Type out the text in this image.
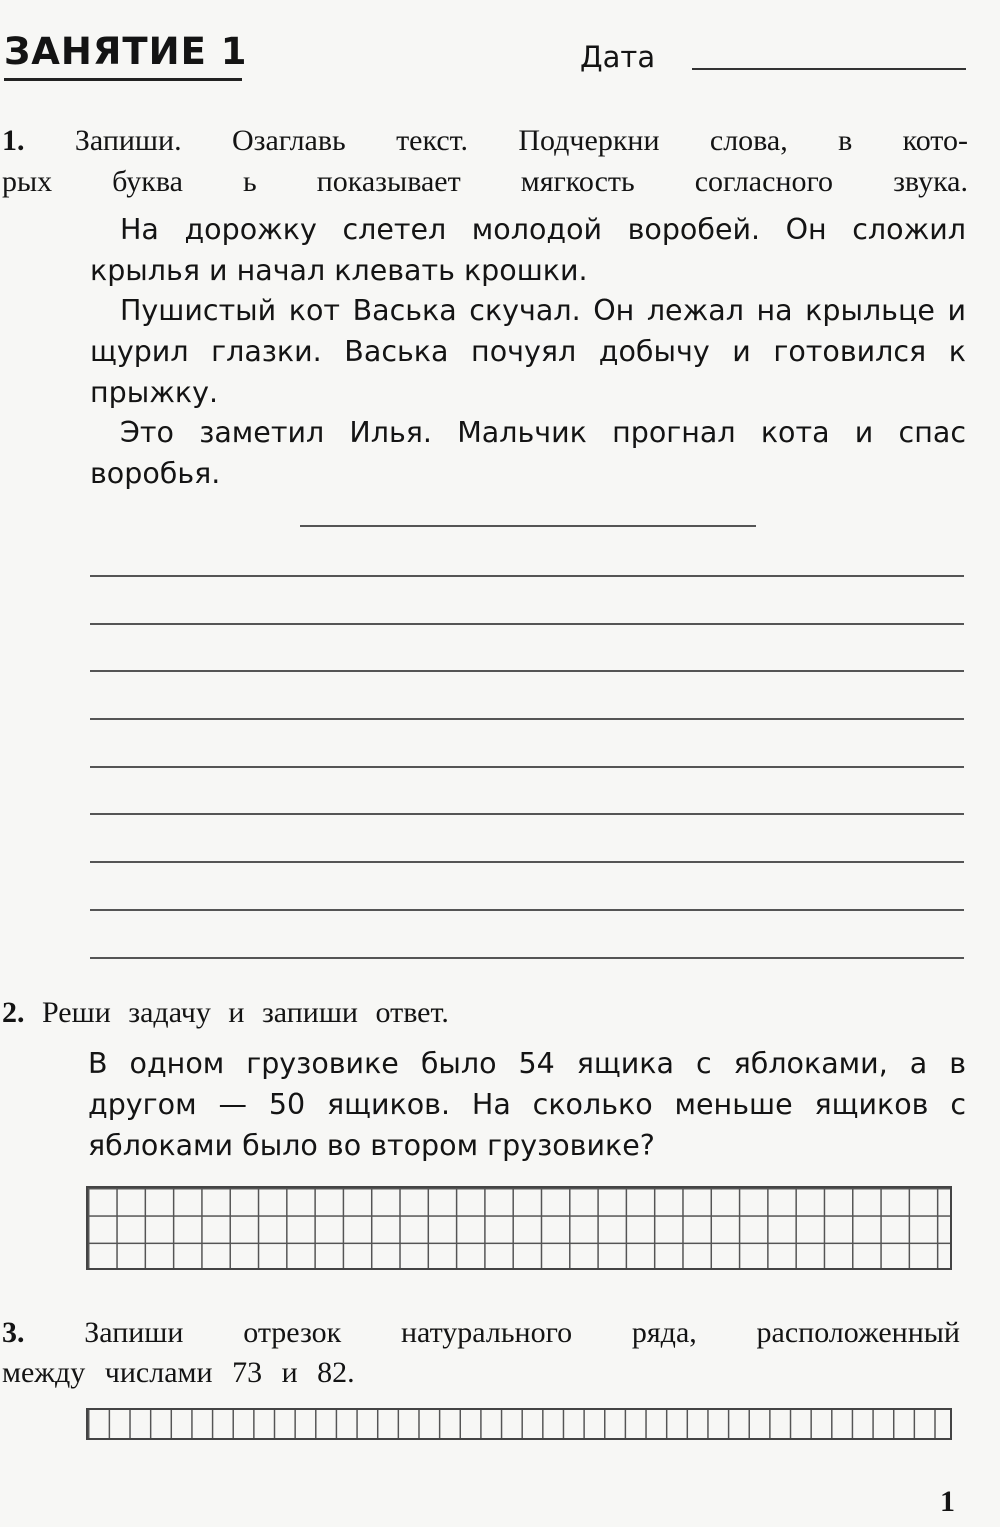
ЗАНЯТИЕ 1	Дата
1. Запиши. Озаглавь текст. Подчеркни слова, в кото-
рых буква ь показывает мягкость согласного звука.
На дорожку слетел молодой воробей. Он сложил крылья и начал клевать крошки.
Пушистый кот Васька скучал. Он лежал на крыльце и щурил глазки. Васька почуял добычу и готовился к прыжку.
Это заметил Илья. Мальчик прогнал кота и спас воробья.
2. Реши задачу и запиши ответ.
В одном грузовике было 54 ящика с яблоками, а в другом — 50 ящиков. На сколько меньше ящиков с яблоками было во втором грузовике?
3. Запиши отрезок натурального ряда, расположенный
между числами 73 и 82.
1
